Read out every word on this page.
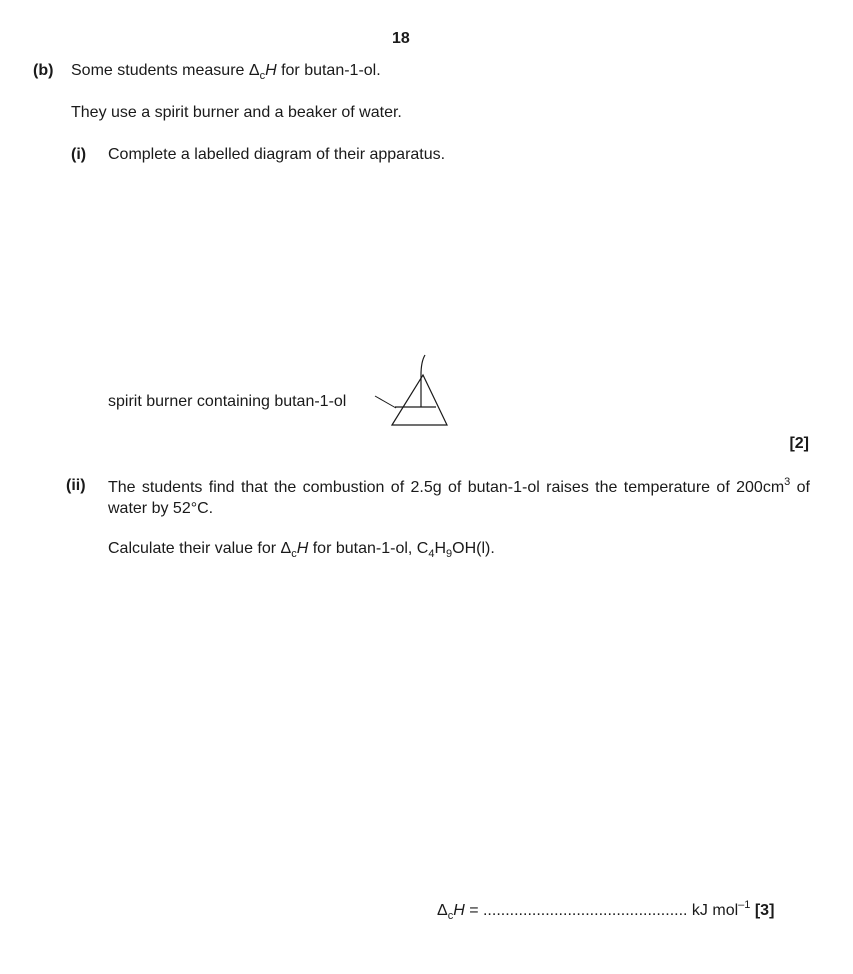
18
(b) Some students measure $\Delta_cH$ for butan-1-ol.
They use a spirit burner and a beaker of water.
(i) Complete a labelled diagram of their apparatus.
spirit burner containing butan-1-ol
[2]
(ii) The students find that the combustion of 2.5g of butan-1-ol raises the temperature of $200cm^3$ of water by 52°C.
Calculate their value for $\Delta_cH$ for butan-1-ol, $C_4H_9OH(l)$.
$\Delta_cH$ = .............................................. kJ mol$^{-1}$ [3]
